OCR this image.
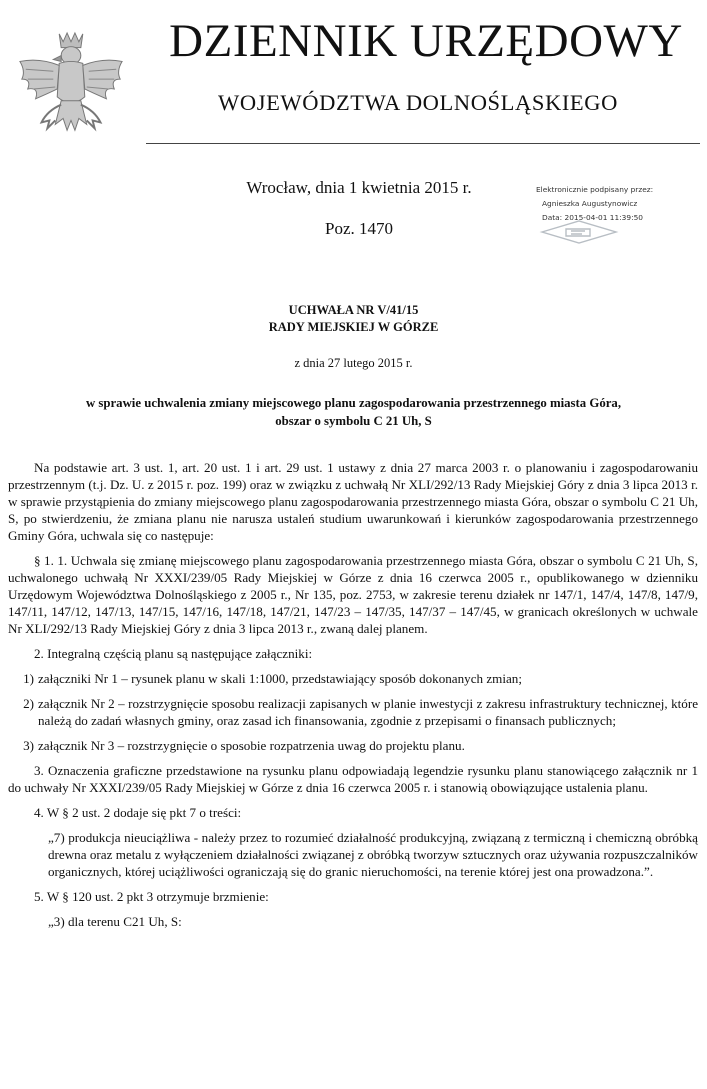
DZIENNIK URZĘDOWY
WOJEWÓDZTWA DOLNOŚLĄSKIEGO
Wrocław, dnia 1 kwietnia 2015 r.
Poz. 1470
Elektronicznie podpisany przez:
Agnieszka Augustynowicz
Data: 2015-04-01 11:39:50
UCHWAŁA NR V/41/15
RADY MIEJSKIEJ W GÓRZE
z dnia 27 lutego 2015 r.
w sprawie uchwalenia zmiany miejscowego planu zagospodarowania przestrzennego miasta Góra,
obszar o symbolu C 21 Uh, S

Na podstawie art. 3 ust. 1, art. 20 ust. 1 i art. 29 ust. 1 ustawy z dnia 27 marca 2003 r. o planowaniu i zagospodarowaniu przestrzennym (t.j. Dz. U. z 2015 r. poz. 199) oraz w związku z uchwałą Nr XLI/292/13 Rady Miejskiej Góry z dnia 3 lipca 2013 r. w sprawie przystąpienia do zmiany miejscowego planu zagospodarowania przestrzennego miasta Góra, obszar o symbolu C 21 Uh, S, po stwierdzeniu, że zmiana planu nie narusza ustaleń studium uwarunkowań i kierunków zagospodarowania przestrzennego Gminy Góra, uchwala się co następuje:

§ 1. 1. Uchwala się zmianę miejscowego planu zagospodarowania przestrzennego miasta Góra, obszar o symbolu C 21 Uh, S, uchwalonego uchwałą Nr XXXI/239/05 Rady Miejskiej w Górze z dnia 16 czerwca 2005 r., opublikowanego w dzienniku Urzędowym Województwa Dolnośląskiego z 2005 r., Nr 135, poz. 2753, w zakresie terenu działek nr 147/1, 147/4, 147/8, 147/9, 147/11, 147/12, 147/13, 147/15, 147/16, 147/18, 147/21, 147/23 – 147/35, 147/37 – 147/45, w granicach określonych w uchwale Nr XLI/292/13 Rady Miejskiej Góry z dnia 3 lipca 2013 r., zwaną dalej planem.

2. Integralną częścią planu są następujące załączniki:

1) załączniki Nr 1 – rysunek planu w skali 1:1000, przedstawiający sposób dokonanych zmian;
2) załącznik Nr 2 – rozstrzygnięcie sposobu realizacji zapisanych w planie inwestycji z zakresu infrastruktury technicznej, które należą do zadań własnych gminy, oraz zasad ich finansowania, zgodnie z przepisami o finansach publicznych;
3) załącznik Nr 3 – rozstrzygnięcie o sposobie rozpatrzenia uwag do projektu planu.

3. Oznaczenia graficzne przedstawione na rysunku planu odpowiadają legendzie rysunku planu stanowiącego załącznik nr 1 do uchwały Nr XXXI/239/05 Rady Miejskiej w Górze z dnia 16 czerwca 2005 r. i stanowią obowiązujące ustalenia planu.

4. W § 2 ust. 2 dodaje się pkt 7 o treści:

„7) produkcja nieuciążliwa - należy przez to rozumieć działalność produkcyjną, związaną z termiczną i chemiczną obróbką drewna oraz metalu z wyłączeniem działalności związanej z obróbką tworzyw sztucznych oraz używania rozpuszczalników organicznych, której uciążliwości ograniczają się do granic nieruchomości, na terenie której jest ona prowadzona.”.

5. W § 120 ust. 2 pkt 3 otrzymuje brzmienie:

„3) dla terenu C21 Uh, S:
